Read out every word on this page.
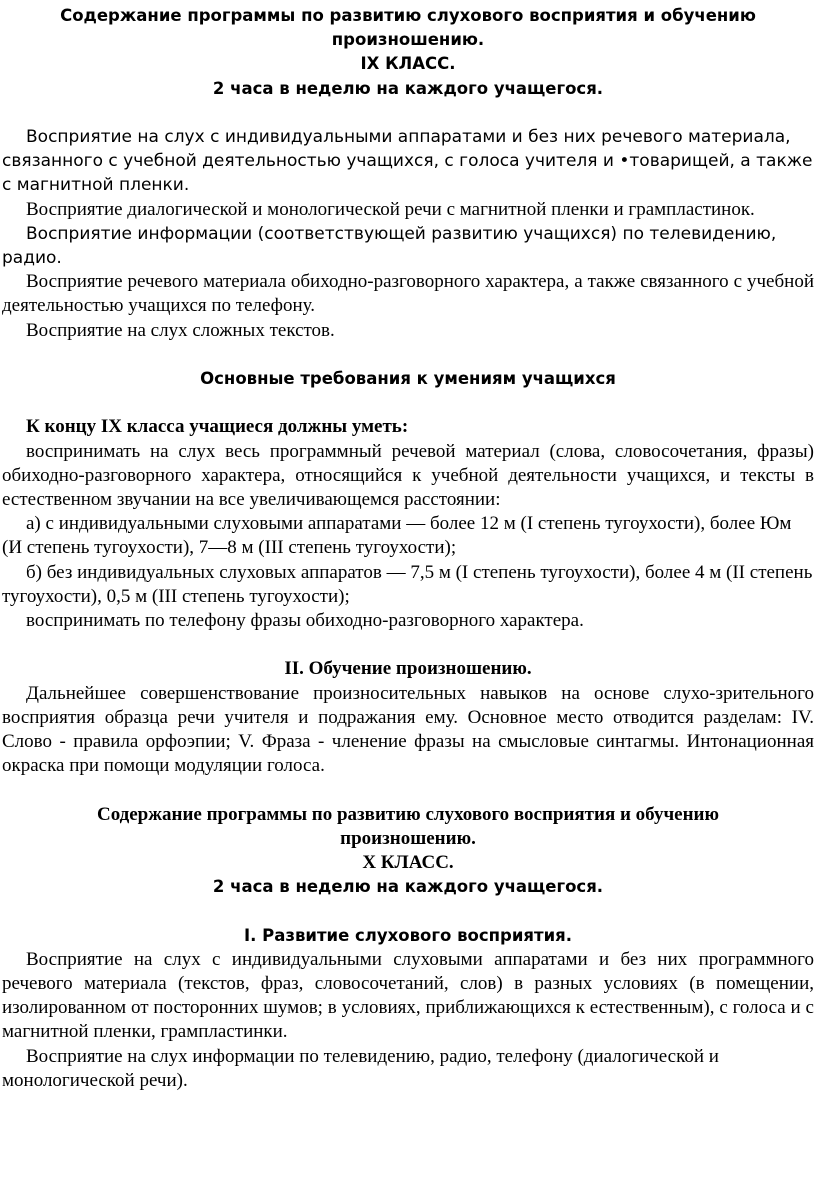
Содержание программы по развитию слухового восприятия и обучению
произношению.
IX КЛАСС.
2 часа в неделю на каждого учащегося.

Восприятие на слух с индивидуальными аппаратами и без них речевого материала, связанного с учебной деятельностью учащихся, с голоса учителя и •товарищей, а также с магнитной пленки.

Восприятие диалогической и монологической речи с магнитной пленки и грампластинок.

Восприятие информации (соответствующей развитию учащихся) по телевидению, радио.

Восприятие речевого материала обиходно-разговорного характера, а также связанного с учебной деятельностью учащихся по телефону.

Восприятие на слух сложных текстов.

Основные требования к умениям учащихся

К концу IX класса учащиеся должны уметь:

воспринимать на слух весь программный речевой материал (слова, словосочетания, фразы) обиходно-разговорного характера, относящийся к учебной деятельности учащихся, и тексты в естественном звучании на все увеличивающемся расстоянии:

а) с индивидуальными слуховыми аппаратами — более 12 м (I степень тугоухости), более Юм (И степень тугоухости), 7—8 м (III степень тугоухости);

б) без индивидуальных слуховых аппаратов — 7,5 м (I степень тугоухости), более 4 м (II степень тугоухости), 0,5 м (III степень тугоухости);

воспринимать по телефону фразы обиходно-разговорного характера.

II. Обучение произношению.

Дальнейшее совершенствование произносительных навыков на основе слухо-зрительного восприятия образца речи учителя и подражания ему. Основное место отводится разделам: IV. Слово - правила орфоэпии; V. Фраза - членение фразы на смысловые синтагмы. Интонационная окраска при помощи модуляции голоса.

Содержание программы по развитию слухового восприятия и обучению
произношению.
X КЛАСС.
2 часа в неделю на каждого учащегося.
I. Развитие слухового восприятия.

Восприятие на слух с индивидуальными слуховыми аппаратами и без них программного речевого материала (текстов, фраз, словосочетаний, слов) в разных условиях (в помещении, изолированном от посторонних шумов; в условиях, приближающихся к естественным), с голоса и с магнитной пленки, грампластинки.

Восприятие на слух информации по телевидению, радио, телефону (диалогической и монологической речи).
